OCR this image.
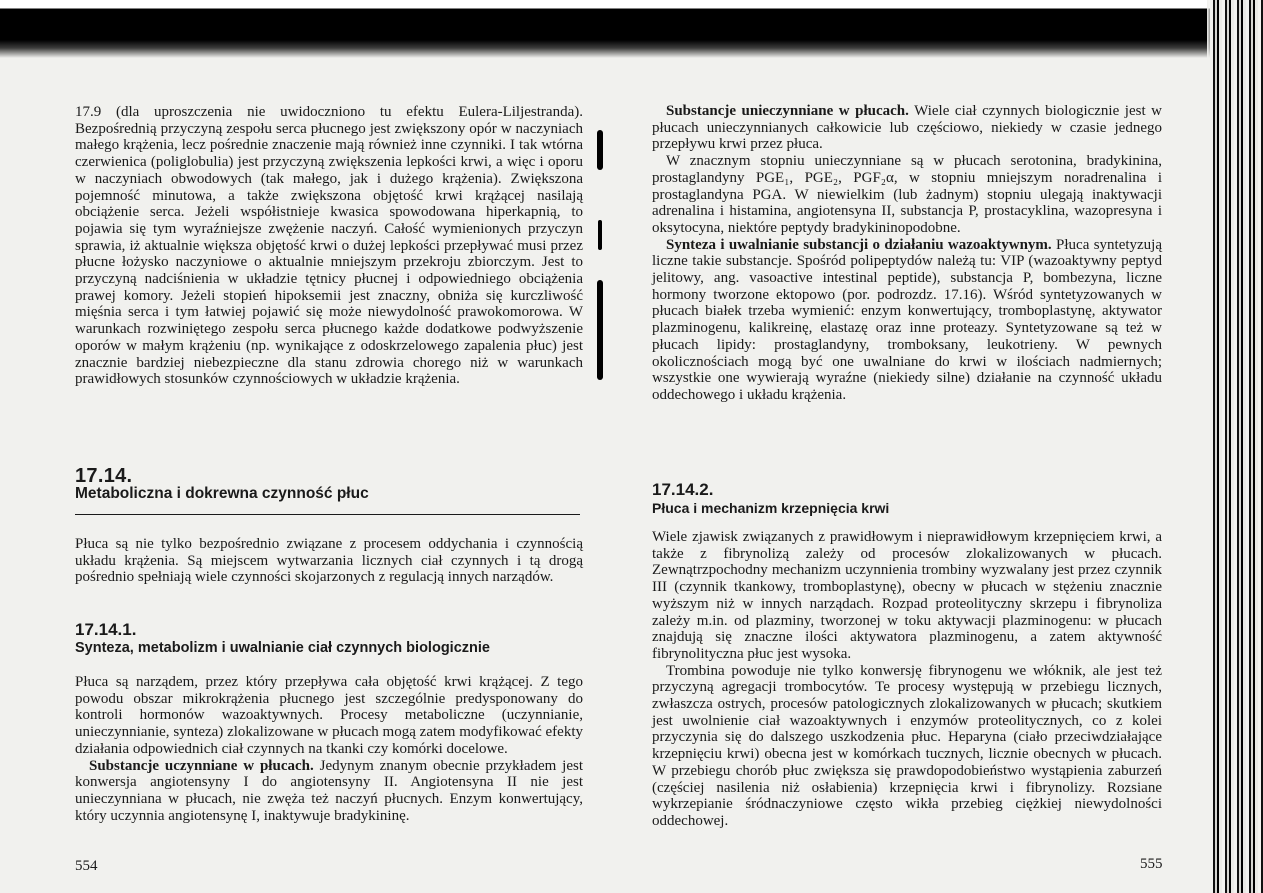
17.9 (dla uproszczenia nie uwidoczniono tu efektu Eulera-Liljestranda). Bezpośrednią przyczyną zespołu serca płucnego jest zwiększony opór w naczyniach małego krążenia, lecz pośrednie znaczenie mają również inne czynniki. I tak wtórna czerwienica (poliglobulia) jest przyczyną zwiększenia lepkości krwi, a więc i oporu w naczyniach obwodowych (tak małego, jak i dużego krążenia). Zwiększona pojemność minutowa, a także zwiększona objętość krwi krążącej nasilają obciążenie serca. Jeżeli współistnieje kwasica spowodowana hiperkapnią, to pojawia się tym wyraźniejsze zwężenie naczyń. Całość wymienionych przyczyn sprawia, iż aktualnie większa objętość krwi o dużej lepkości przepływać musi przez płucne łożysko naczyniowe o aktualnie mniejszym przekroju zbiorczym. Jest to przyczyną nadciśnienia w układzie tętnicy płucnej i odpowiedniego obciążenia prawej komory. Jeżeli stopień hipoksemii jest znaczny, obniża się kurczliwość mięśnia serca i tym łatwiej pojawić się może niewydolność prawokomorowa. W warunkach rozwiniętego zespołu serca płucnego każde dodatkowe podwyższenie oporów w małym krążeniu (np. wynikające z odoskrzelowego zapalenia płuc) jest znacznie bardziej niebezpieczne dla stanu zdrowia chorego niż w warunkach prawidłowych stosunków czynnościowych w układzie krążenia.

17.14.
Metaboliczna i dokrewna czynność płuc

Płuca są nie tylko bezpośrednio związane z procesem oddychania i czynnością układu krążenia. Są miejscem wytwarzania licznych ciał czynnych i tą drogą pośrednio spełniają wiele czynności skojarzonych z regulacją innych narządów.

17.14.1.
Synteza, metabolizm i uwalnianie ciał czynnych biologicznie

Płuca są narządem, przez który przepływa cała objętość krwi krążącej. Z tego powodu obszar mikrokrążenia płucnego jest szczególnie predysponowany do kontroli hormonów wazoaktywnych. Procesy metaboliczne (uczynnianie, unieczynnianie, synteza) zlokalizowane w płucach mogą zatem modyfikować efekty działania odpowiednich ciał czynnych na tkanki czy komórki docelowe.

Substancje uczynniane w płucach. Jedynym znanym obecnie przykładem jest konwersja angiotensyny I do angiotensyny II. Angiotensyna II nie jest unieczynniana w płucach, nie zwęża też naczyń płucnych. Enzym konwertujący, który uczynnia angiotensynę I, inaktywuje bradykininę.

554

Substancje unieczynniane w płucach. Wiele ciał czynnych biologicznie jest w płucach unieczynnianych całkowicie lub częściowo, niekiedy w czasie jednego przepływu krwi przez płuca.

W znacznym stopniu unieczynniane są w płucach serotonina, bradykinina, prostaglandyny PGE₁, PGE₂, PGF₂α, w stopniu mniejszym noradrenalina i prostaglandyna PGA. W niewielkim (lub żadnym) stopniu ulegają inaktywacji adrenalina i histamina, angiotensyna II, substancja P, prostacyklina, wazopresyna i oksytocyna, niektóre peptydy bradykininopodobne.

Synteza i uwalnianie substancji o działaniu wazoaktywnym. Płuca syntetyzują liczne takie substancje. Spośród polipeptydów należą tu: VIP (wazoaktywny peptyd jelitowy, ang. vasoactive intestinal peptide), substancja P, bombezyna, liczne hormony tworzone ektopowo (por. podrozdz. 17.16). Wśród syntetyzowanych w płucach białek trzeba wymienić: enzym konwertujący, tromboplastynę, aktywator plazminogenu, kalikreinę, elastazę oraz inne proteazy. Syntetyzowane są też w płucach lipidy: prostaglandyny, tromboksany, leukotrieny. W pewnych okolicznościach mogą być one uwalniane do krwi w ilościach nadmiernych; wszystkie one wywierają wyraźne (niekiedy silne) działanie na czynność układu oddechowego i układu krążenia.

17.14.2.
Płuca i mechanizm krzepnięcia krwi

Wiele zjawisk związanych z prawidłowym i nieprawidłowym krzepnięciem krwi, a także z fibrynolizą zależy od procesów zlokalizowanych w płucach. Zewnątrzpochodny mechanizm uczynnienia trombiny wyzwalany jest przez czynnik III (czynnik tkankowy, tromboplastynę), obecny w płucach w stężeniu znacznie wyższym niż w innych narządach. Rozpad proteolityczny skrzepu i fibrynoliza zależy m.in. od plazminy, tworzonej w toku aktywacji plazminogenu: w płucach znajdują się znaczne ilości aktywatora plazminogenu, a zatem aktywność fibrynolityczna płuc jest wysoka.

Trombina powoduje nie tylko konwersję fibrynogenu we włóknik, ale jest też przyczyną agregacji trombocytów. Te procesy występują w przebiegu licznych, zwłaszcza ostrych, procesów patologicznych zlokalizowanych w płucach; skutkiem jest uwolnienie ciał wazoaktywnych i enzymów proteolitycznych, co z kolei przyczynia się do dalszego uszkodzenia płuc. Heparyna (ciało przeciwdziałające krzepnięciu krwi) obecna jest w komórkach tucznych, licznie obecnych w płucach. W przebiegu chorób płuc zwiększa się prawdopodobieństwo wystąpienia zaburzeń (częściej nasilenia niż osłabienia) krzepnięcia krwi i fibrynolizy. Rozsiane wykrzepianie śródnaczyniowe często wikła przebieg ciężkiej niewydolności oddechowej.

555
